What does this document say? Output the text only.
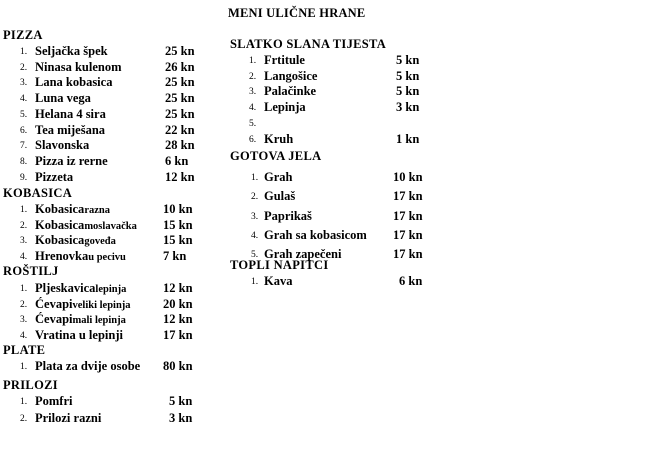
MENI ULIČNE HRANE
PIZZA
1. Seljačka špek	25 kn
2. Ninasa kulenom	26 kn
3. Lana kobasica	25 kn
4. Luna vega	25 kn
5. Helana 4 sira	25 kn
6. Tea miješana	22 kn
7. Slavonska	28 kn
8. Pizza iz rerne	6 kn
9. Pizzeta	12 kn
KOBASICA
1. Kobasicarazna	10 kn
2. Kobasicamoslavačka 15 kn
3. Kobasicagoveđa	15 kn
4. Hrenovkau pecivu	7 kn
ROŠTILJ
1. Pljeskavicalepinja	12 kn
2. Ćevapiveliki lepinja	20 kn
3. Ćevapimali lepinja	12 kn
4. Vratina u lepinji	17 kn
PLATE
1. Plata za dvije osobe 80 kn
PRILOZI
1. Pomfri	5 kn
2. Prilozi razni	3 kn
SLATKO SLANA TIJESTA
1. Frtitule	5 kn
2. Langošice	5 kn
3. Palačinke	5 kn
4. Lepinja	3 kn
5.
6. Kruh	1 kn
GOTOVA JELA
1. Grah	10 kn
2. Gulaš	17 kn
3. Paprikaš	17 kn
4. Grah sa kobasicom 17 kn
5. Grah zapečeni	17 kn
TOPLI NAPITCI
1. Kava	6 kn
